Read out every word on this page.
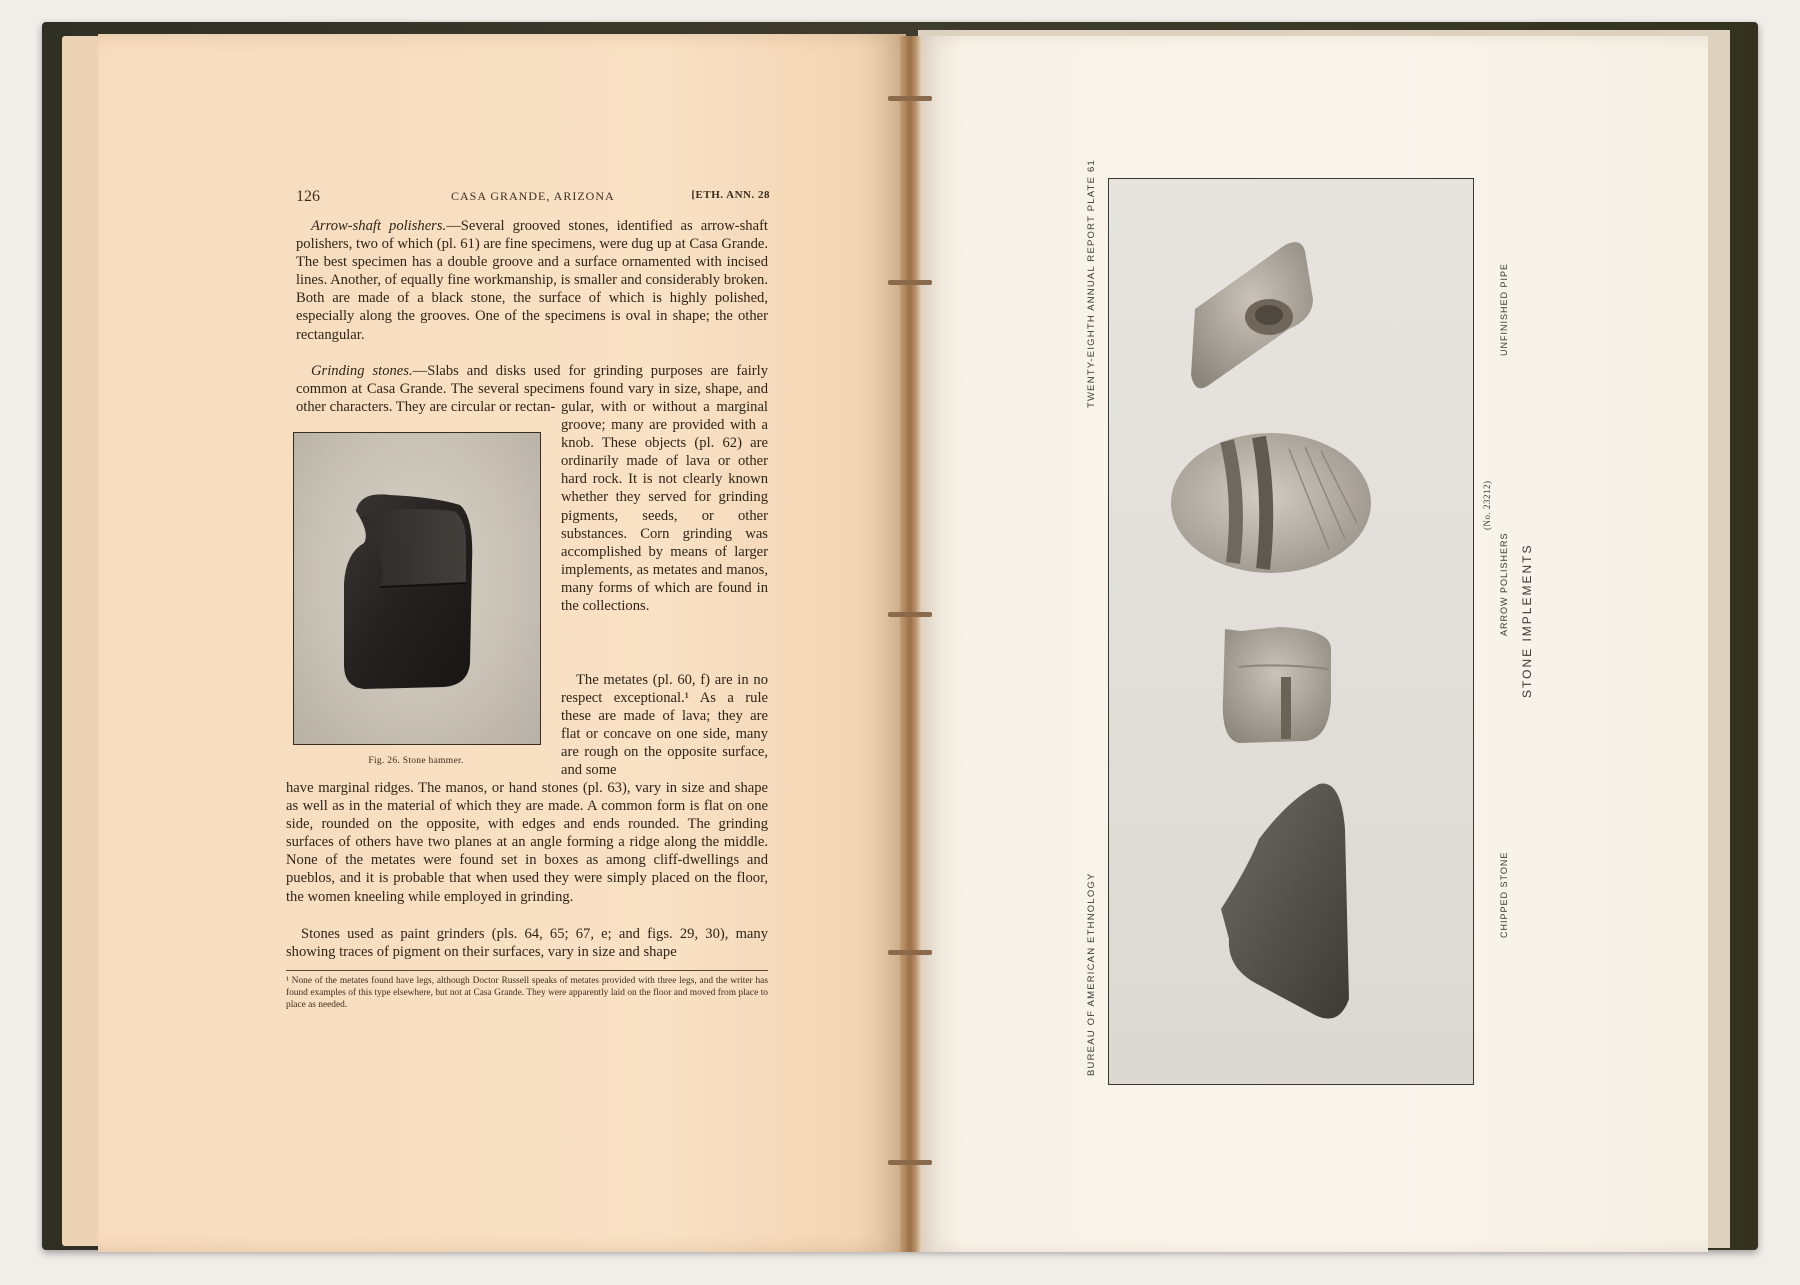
126	CASA GRANDE, ARIZONA	[ETH. ANN. 28

Arrow-shaft polishers.—Several grooved stones, identified as arrow-shaft polishers, two of which (pl. 61) are fine specimens, were dug up at Casa Grande. The best specimen has a double groove and a surface ornamented with incised lines. Another, of equally fine workmanship, is smaller and considerably broken. Both are made of a black stone, the surface of which is highly polished, especially along the grooves. One of the specimens is oval in shape; the other rectangular.

Grinding stones.—Slabs and disks used for grinding purposes are fairly common at Casa Grande. The several specimens found vary in size, shape, and other characters. They are circular or rectan- gular, with or without a marginal groove; many are provided with a knob. These objects (pl. 62) are ordinarily made of lava or other hard rock. It is not clearly known whether they served for grinding pigments, seeds, or other substances. Corn grinding was accomplished by means of larger implements, as metates and manos, many forms of which are found in the collections.

Fig. 26. Stone hammer.

The metates (pl. 60, f) are in no respect exceptional.¹ As a rule these are made of lava; they are flat or concave on one side, many are rough on the opposite surface, and some

have marginal ridges. The manos, or hand stones (pl. 63), vary in size and shape as well as in the material of which they are made. A common form is flat on one side, rounded on the opposite, with edges and ends rounded. The grinding surfaces of others have two planes at an angle forming a ridge along the middle. None of the metates were found set in boxes as among cliff-dwellings and pueblos, and it is probable that when used they were simply placed on the floor, the women kneeling while employed in grinding.

Stones used as paint grinders (pls. 64, 65; 67, e; and figs. 29, 30), many showing traces of pigment on their surfaces, vary in size and shape

¹ None of the metates found have legs, although Doctor Russell speaks of metates provided with three legs, and the writer has found examples of this type elsewhere, but not at Casa Grande. They were apparently laid on the floor and moved from place to place as needed.
TWENTY-EIGHTH ANNUAL REPORT PLATE 61
BUREAU OF AMERICAN ETHNOLOGY
UNFINISHED PIPE
(No. 23212)
ARROW POLISHERS STONE IMPLEMENTS
CHIPPED STONE
